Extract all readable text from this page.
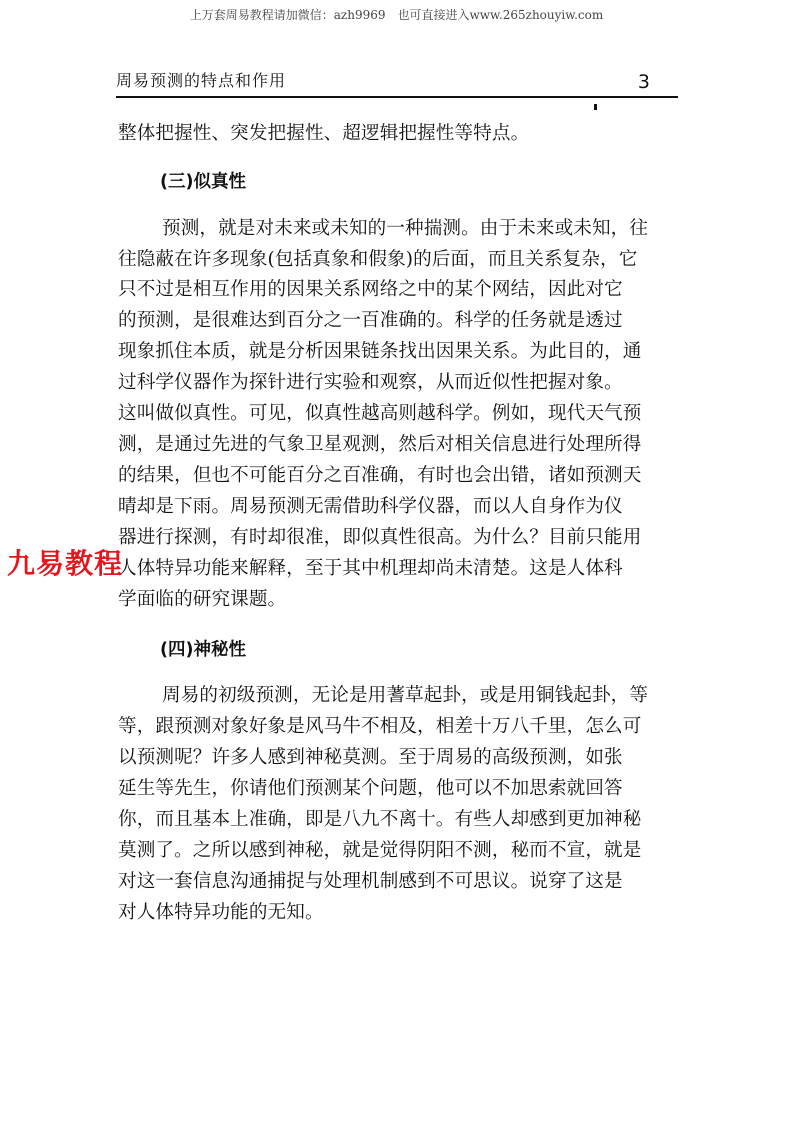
上万套周易教程请加微信：azh9969　也可直接进入www.265zhouyiw.com
周易预测的特点和作用	3
整体把握性、突发把握性、超逻辑把握性等特点。
(三)似真性
预测，就是对未来或未知的一种揣测。由于未来或未知，往
往隐蔽在许多现象(包括真象和假象)的后面，而且关系复杂，它
只不过是相互作用的因果关系网络之中的某个网结，因此对它
的预测，是很难达到百分之一百准确的。科学的任务就是透过
现象抓住本质，就是分析因果链条找出因果关系。为此目的，通
过科学仪器作为探针进行实验和观察，从而近似性把握对象。
这叫做似真性。可见，似真性越高则越科学。例如，现代天气预
测，是通过先进的气象卫星观测，然后对相关信息进行处理所得
的结果，但也不可能百分之百准确，有时也会出错，诸如预测天
晴却是下雨。周易预测无需借助科学仪器，而以人自身作为仪
器进行探测，有时却很准，即似真性很高。为什么？目前只能用
人体特异功能来解释，至于其中机理却尚未清楚。这是人体科
学面临的研究课题。
九易教程
(四)神秘性
周易的初级预测，无论是用蓍草起卦，或是用铜钱起卦，等
等，跟预测对象好象是风马牛不相及，相差十万八千里，怎么可
以预测呢？许多人感到神秘莫测。至于周易的高级预测，如张
延生等先生，你请他们预测某个问题，他可以不加思索就回答
你，而且基本上准确，即是八九不离十。有些人却感到更加神秘
莫测了。之所以感到神秘，就是觉得阴阳不测，秘而不宣，就是
对这一套信息沟通捕捉与处理机制感到不可思议。说穿了这是
对人体特异功能的无知。
